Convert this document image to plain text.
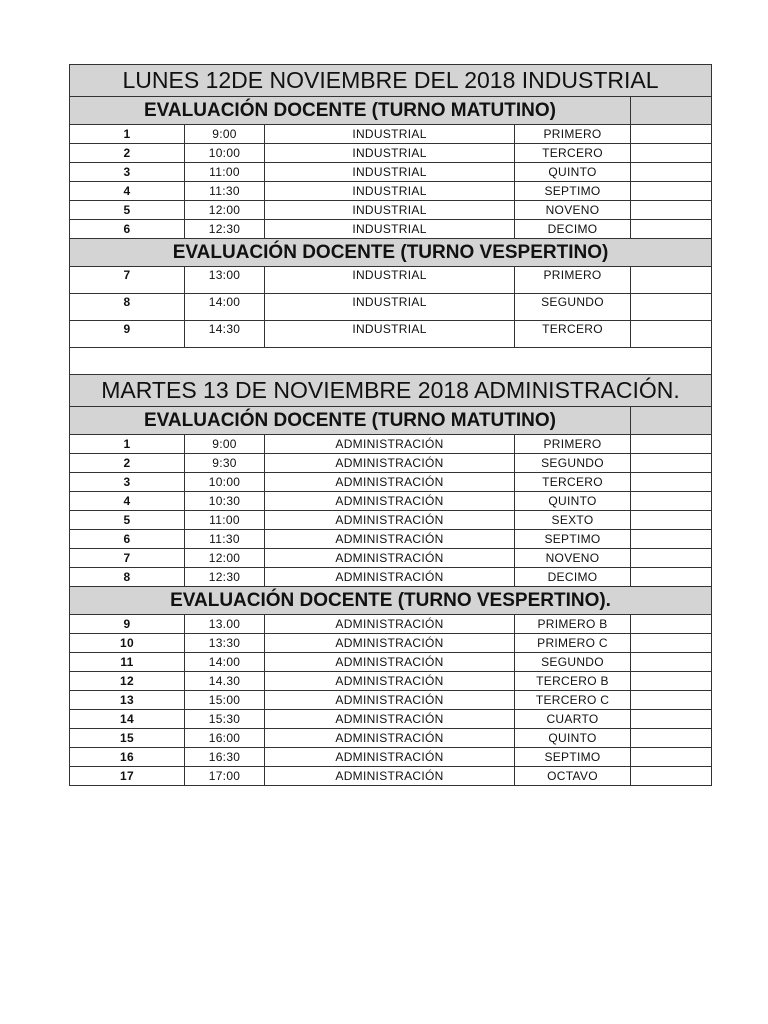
LUNES 12DE NOVIEMBRE DEL 2018 INDUSTRIAL				
EVALUACIÓN DOCENTE (TURNO MATUTINO)				
1	9:00	INDUSTRIAL	PRIMERO	
2	10:00	INDUSTRIAL	TERCERO	
3	11:00	INDUSTRIAL	QUINTO	
4	11:30	INDUSTRIAL	SEPTIMO	
5	12:00	INDUSTRIAL	NOVENO	
6	12:30	INDUSTRIAL	DECIMO	
EVALUACIÓN DOCENTE (TURNO VESPERTINO)				
7	13:00	INDUSTRIAL	PRIMERO	
8	14:00	INDUSTRIAL	SEGUNDO	
9	14:30	INDUSTRIAL	TERCERO	

MARTES 13 DE NOVIEMBRE 2018 ADMINISTRACIÓN.				
EVALUACIÓN DOCENTE (TURNO MATUTINO)				
1	9:00	ADMINISTRACIÓN	PRIMERO	
2	9:30	ADMINISTRACIÓN	SEGUNDO	
3	10:00	ADMINISTRACIÓN	TERCERO	
4	10:30	ADMINISTRACIÓN	QUINTO	
5	11:00	ADMINISTRACIÓN	SEXTO	
6	11:30	ADMINISTRACIÓN	SEPTIMO	
7	12:00	ADMINISTRACIÓN	NOVENO	
8	12:30	ADMINISTRACIÓN	DECIMO	
EVALUACIÓN DOCENTE (TURNO VESPERTINO).				
9	13.00	ADMINISTRACIÓN	PRIMERO B	
10	13:30	ADMINISTRACIÓN	PRIMERO C	
11	14:00	ADMINISTRACIÓN	SEGUNDO	
12	14.30	ADMINISTRACIÓN	TERCERO B	
13	15:00	ADMINISTRACIÓN	TERCERO C	
14	15:30	ADMINISTRACIÓN	CUARTO	
15	16:00	ADMINISTRACIÓN	QUINTO	
16	16:30	ADMINISTRACIÓN	SEPTIMO	
17	17:00	ADMINISTRACIÓN	OCTAVO	
